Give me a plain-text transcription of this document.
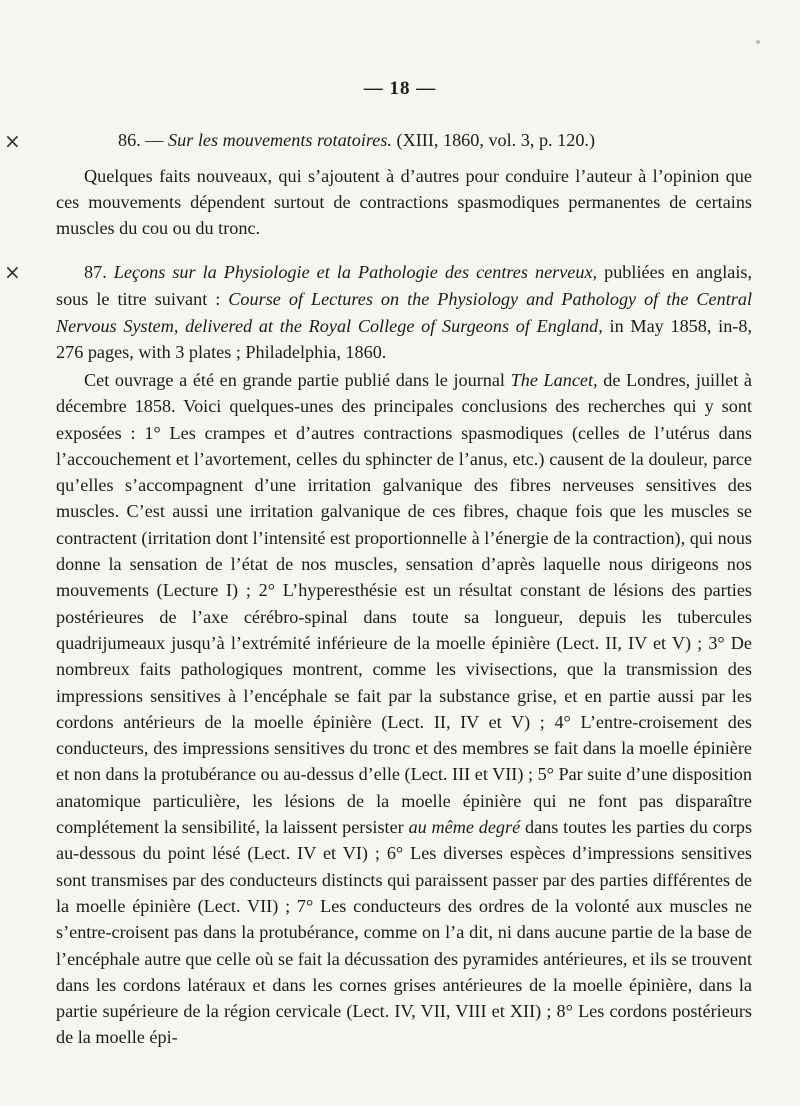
— 18 —
×
×
86. — Sur les mouvements rotatoires. (XIII, 1860, vol. 3, p. 120.)

Quelques faits nouveaux, qui s’ajoutent à d’autres pour conduire l’auteur à l’opinion que ces mouvements dépendent surtout de contractions spasmodiques permanentes de certains muscles du cou ou du tronc.

87. Leçons sur la Physiologie et la Pathologie des centres nerveux, publiées en anglais, sous le titre suivant : Course of Lectures on the Physiology and Pathology of the Central Nervous System, delivered at the Royal College of Surgeons of England, in May 1858, in-8, 276 pages, with 3 plates ; Philadelphia, 1860.

Cet ouvrage a été en grande partie publié dans le journal The Lancet, de Londres, juillet à décembre 1858. Voici quelques-unes des principales conclusions des recherches qui y sont exposées : 1° Les crampes et d’autres contractions spasmodiques (celles de l’utérus dans l’accouchement et l’avortement, celles du sphincter de l’anus, etc.) causent de la douleur, parce qu’elles s’accompagnent d’une irritation galvanique des fibres nerveuses sensitives des muscles. C’est aussi une irritation galvanique de ces fibres, chaque fois que les muscles se contractent (irritation dont l’intensité est proportionnelle à l’énergie de la contraction), qui nous donne la sensation de l’état de nos muscles, sensation d’après laquelle nous dirigeons nos mouvements (Lecture I) ; 2° L’hyperesthésie est un résultat constant de lésions des parties postérieures de l’axe cérébro-spinal dans toute sa longueur, depuis les tubercules quadrijumeaux jusqu’à l’extrémité inférieure de la moelle épinière (Lect. II, IV et V) ; 3° De nombreux faits pathologiques montrent, comme les vivisections, que la transmission des impressions sensitives à l’encéphale se fait par la substance grise, et en partie aussi par les cordons antérieurs de la moelle épinière (Lect. II, IV et V) ; 4° L’entre-croisement des conducteurs, des impressions sensitives du tronc et des membres se fait dans la moelle épinière et non dans la protubérance ou au-dessus d’elle (Lect. III et VII) ; 5° Par suite d’une disposition anatomique particulière, les lésions de la moelle épinière qui ne font pas disparaître complétement la sensibilité, la laissent persister au même degré dans toutes les parties du corps au-dessous du point lésé (Lect. IV et VI) ; 6° Les diverses espèces d’impressions sensitives sont transmises par des conducteurs distincts qui paraissent passer par des parties différentes de la moelle épinière (Lect. VII) ; 7° Les conducteurs des ordres de la volonté aux muscles ne s’entre-croisent pas dans la protubérance, comme on l’a dit, ni dans aucune partie de la base de l’encéphale autre que celle où se fait la décussation des pyramides antérieures, et ils se trouvent dans les cordons latéraux et dans les cornes grises antérieures de la moelle épinière, dans la partie supérieure de la région cervicale (Lect. IV, VII, VIII et XII) ; 8° Les cordons postérieurs de la moelle épi-
